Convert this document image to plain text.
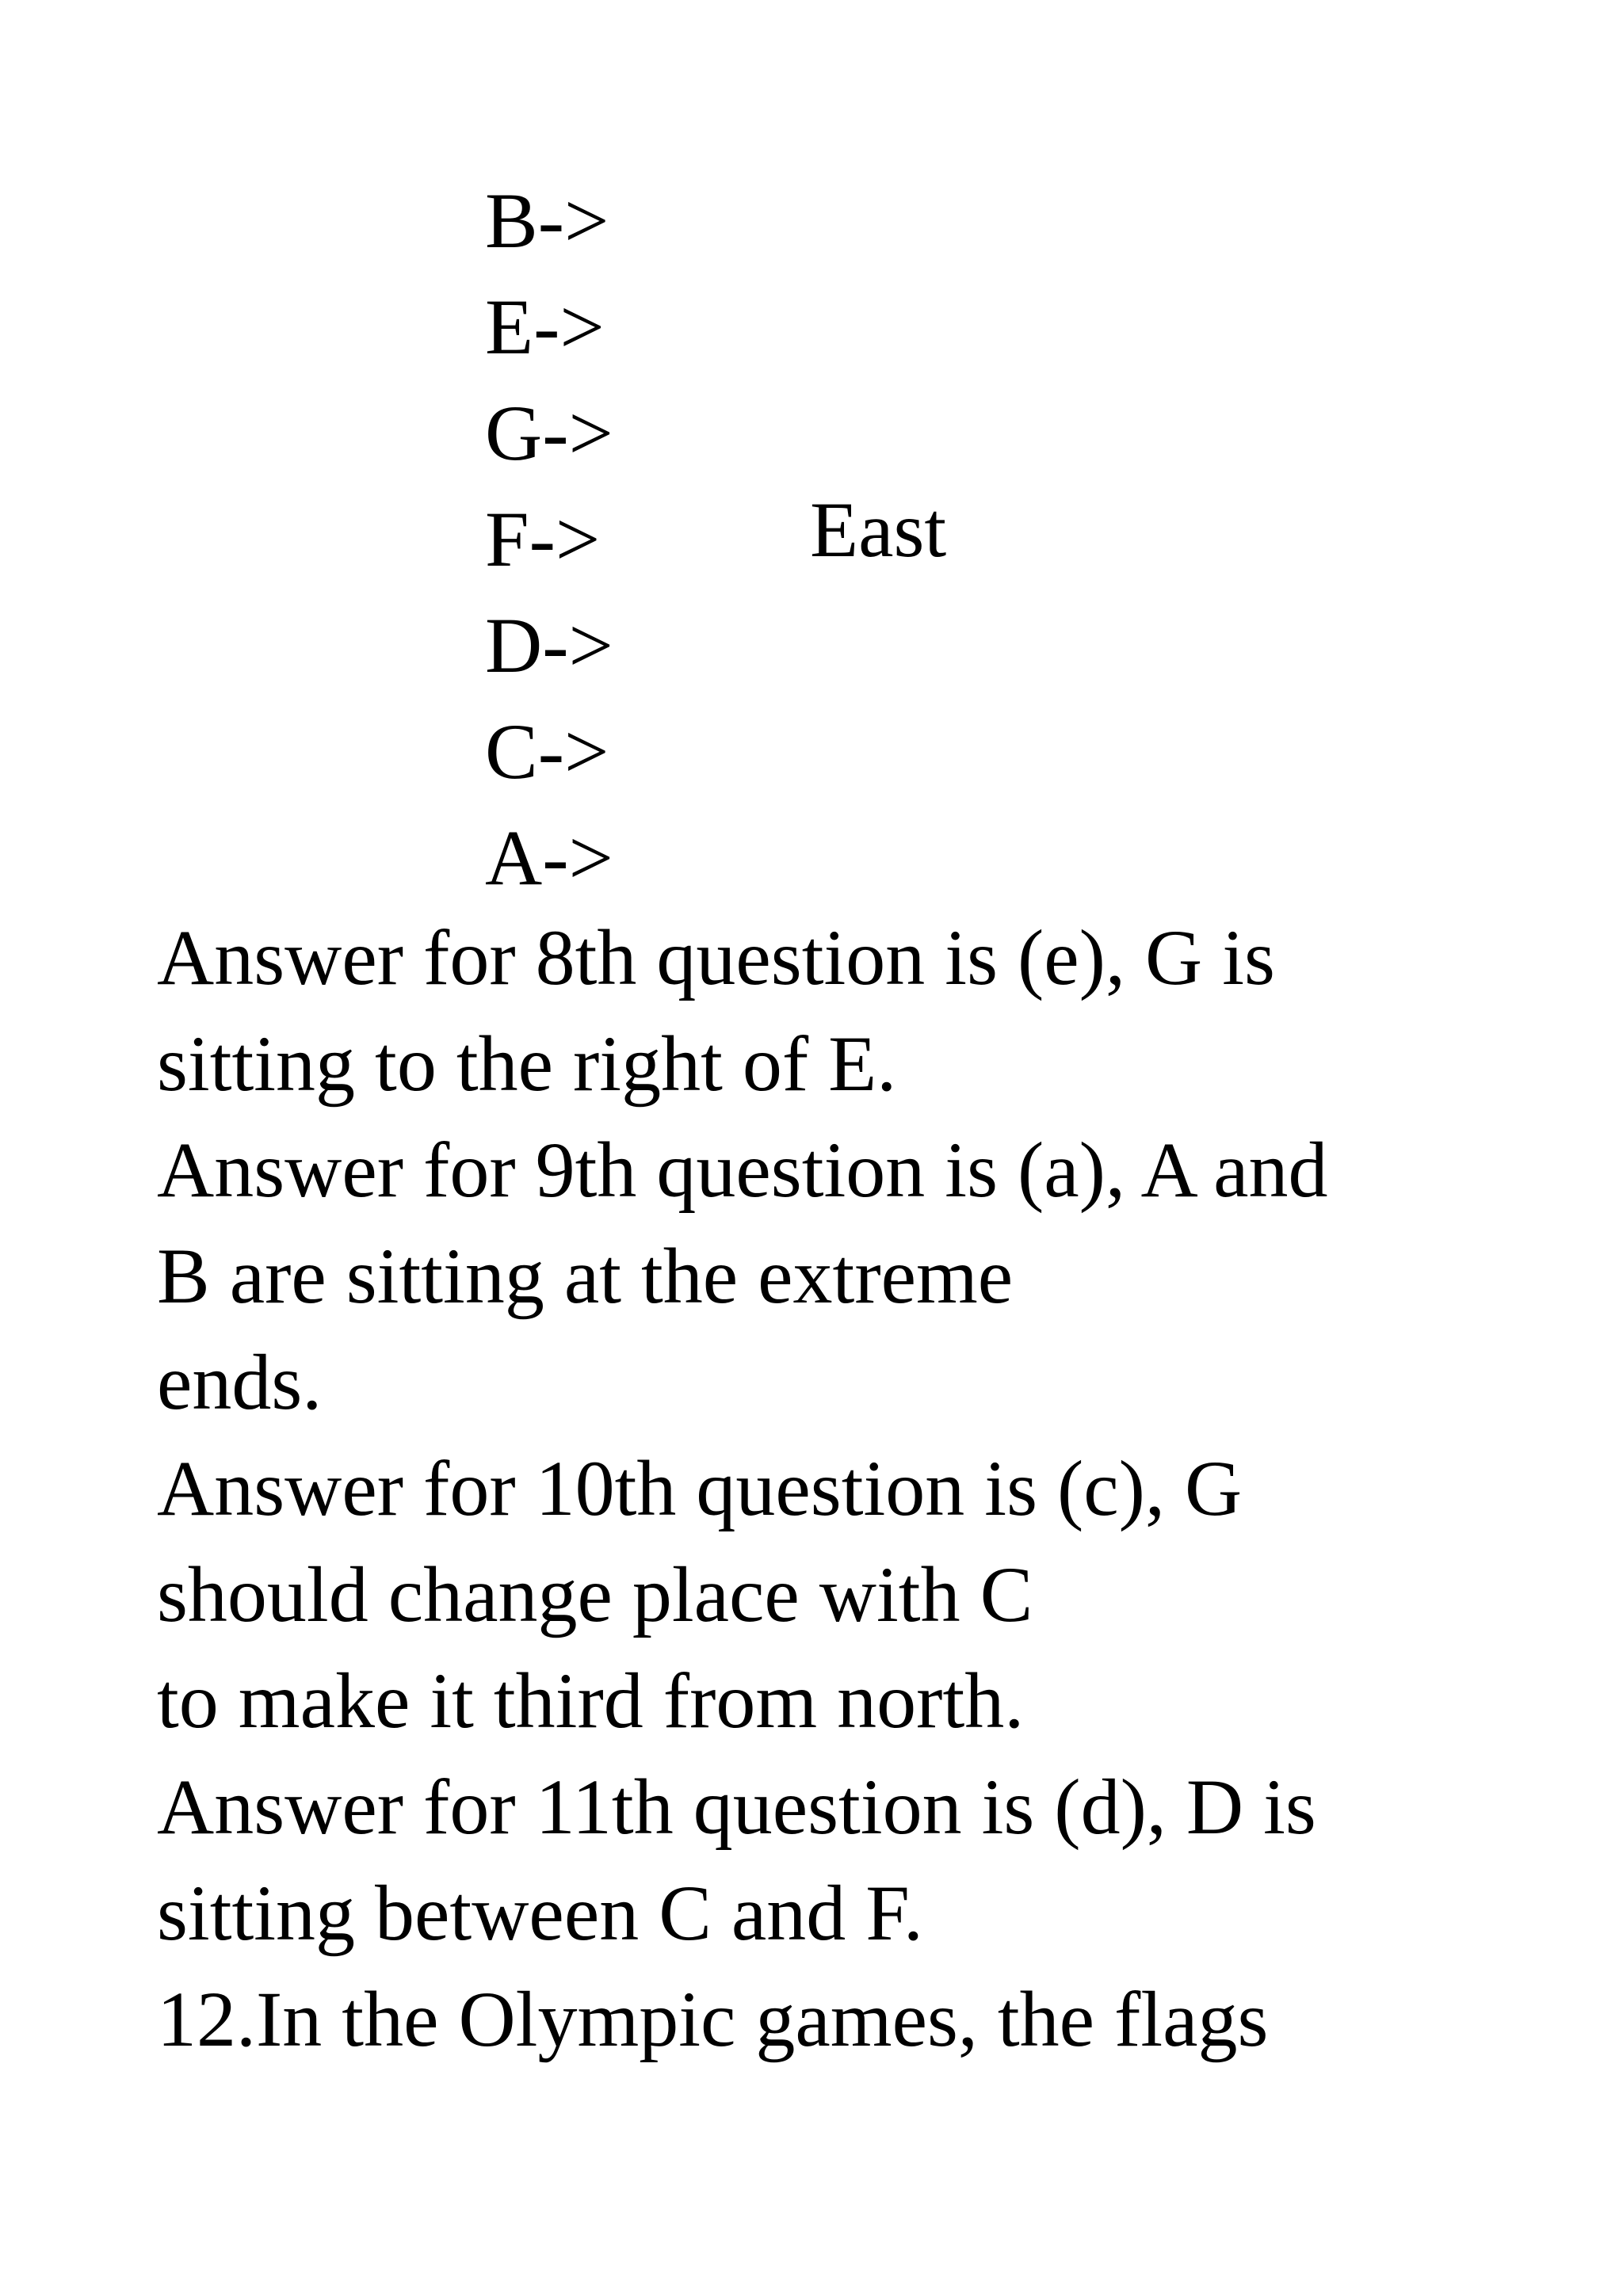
B->
E->
G->
F->
D->
C->
A->
East
Answer for 8th question is (e), G is
sitting to the right of E.
Answer for 9th question is (a), A and
B are sitting at the extreme
ends.
Answer for 10th question is (c), G
should change place with C
to make it third from north.
Answer for 11th question is (d), D is
sitting between C and F.
12.In the Olympic games, the flags
